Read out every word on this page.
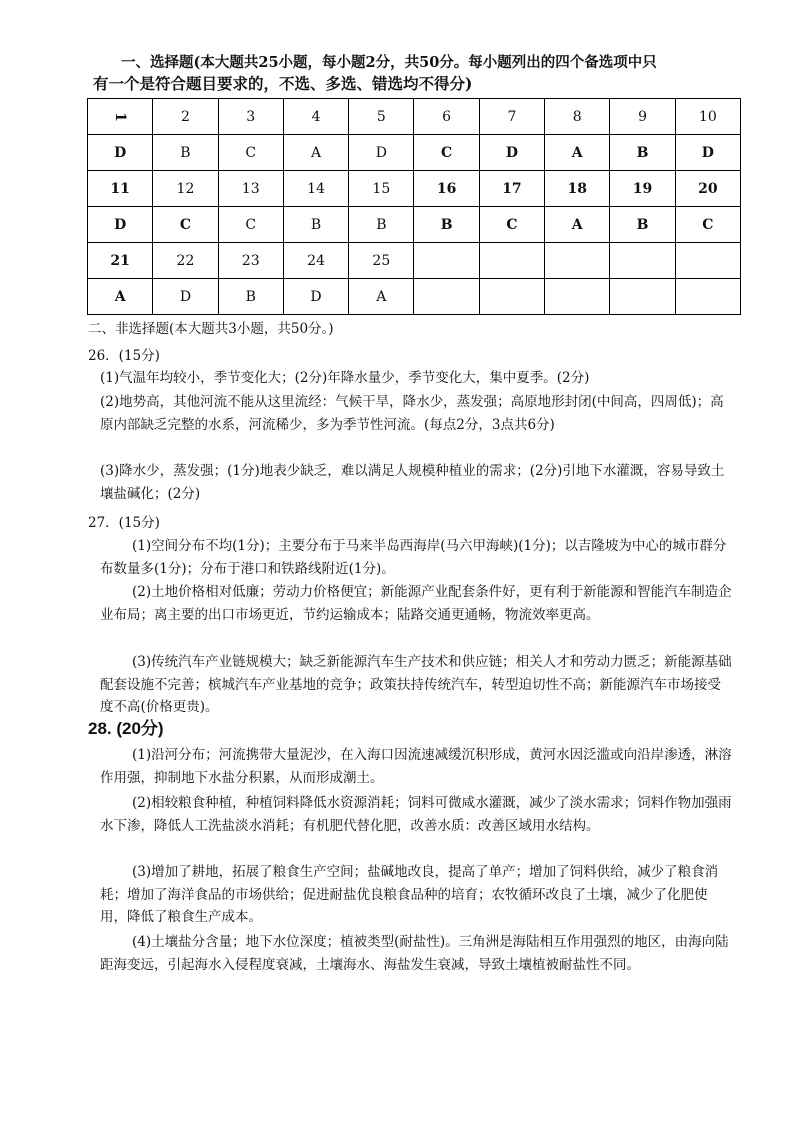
一、选择题(本大题共25小题，每小题2分，共50分。每小题列出的四个备选项中只
有一个是符合题目要求的，不选、多选、错选均不得分)
1	2	3	4	5	6	7	8	9	10
D	B	C	A	D	C	D	A	B	D
11	12	13	14	15	16	17	18	19	20
D	C	C	B	B	B	C	A	B	C
21	22	23	24	25					
A	D	B	D	A					
二、非选择题(本大题共3小题，共50分。)
26．(15分)
(1)气温年均较小，季节变化大；(2分)年降水量少，季节变化大，集中夏季。(2分)
(2)地势高，其他河流不能从这里流经：气候干旱，降水少，蒸发强；高原地形封闭(中间高，四周低)；高原内部缺乏完整的水系，河流稀少，多为季节性河流。(每点2分，3点共6分)
(3)降水少，蒸发强；(1分)地表少缺乏，难以满足人规模种植业的需求；(2分)引地下水灌溉，容易导致土壤盐碱化；(2分)
27．(15分)
(1)空间分布不均(1分)；主要分布于马来半岛西海岸(马六甲海峡)(1分)；以吉隆坡为中心的城市群分布数量多(1分)；分布于港口和铁路线附近(1分)。
(2)土地价格相对低廉；劳动力价格便宜；新能源产业配套条件好，更有利于新能源和智能汽车制造企业布局；离主要的出口市场更近，节约运输成本；陆路交通更通畅，物流效率更高。
(3)传统汽车产业链规模大；缺乏新能源汽车生产技术和供应链；相关人才和劳动力匮乏；新能源基础配套设施不完善；槟城汽车产业基地的竞争；政策扶持传统汽车，转型迫切性不高；新能源汽车市场接受度不高(价格更贵)。
28. (20分)
(1)沿河分布；河流携带大量泥沙，在入海口因流速减缓沉积形成，黄河水因泛滥或向沿岸渗透，淋溶作用强，抑制地下水盐分积累，从而形成潮土。
(2)相较粮食种植，种植饲料降低水资源消耗；饲料可微咸水灌溉，减少了淡水需求；饲料作物加强雨水下渗，降低人工洗盐淡水消耗；有机肥代替化肥，改善水质：改善区域用水结构。
(3)增加了耕地，拓展了粮食生产空间；盐碱地改良，提高了单产；增加了饲料供给，减少了粮食消耗；增加了海洋食品的市场供给；促进耐盐优良粮食品种的培育；农牧循环改良了土壤，减少了化肥使用，降低了粮食生产成本。
(4)土壤盐分含量；地下水位深度；植被类型(耐盐性)。三角洲是海陆相互作用强烈的地区，由海向陆距海变远，引起海水入侵程度衰减，土壤海水、海盐发生衰减，导致土壤植被耐盐性不同。
